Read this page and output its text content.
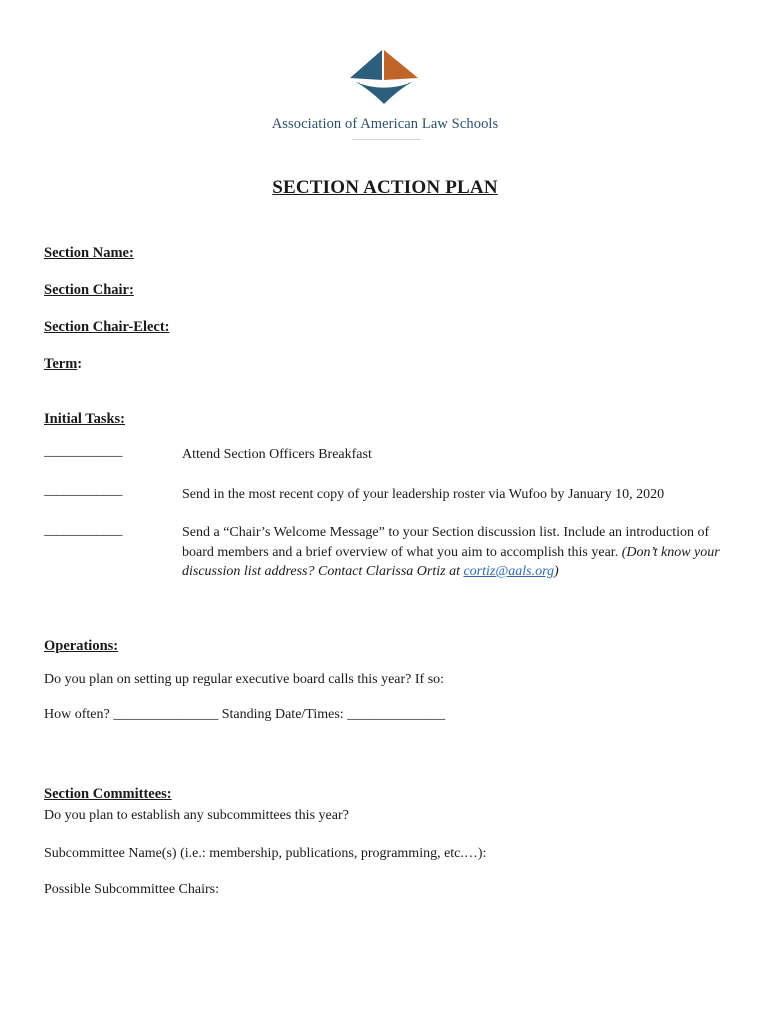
Association of American Law Schools
SECTION ACTION PLAN
Section Name:
Section Chair:
Section Chair-Elect:
Term:
Initial Tasks:
____________	Attend Section Officers Breakfast
____________	Send in the most recent copy of your leadership roster via Wufoo by January 10, 2020
____________	Send a “Chair’s Welcome Message” to your Section discussion list. Include an introduction of board members and a brief overview of what you aim to accomplish this year. (Don’t know your discussion list address? Contact Clarissa Ortiz at cortiz@aals.org)
Operations:
Do you plan on setting up regular executive board calls this year? If so:
How often? _______________ Standing Date/Times: ______________
Section Committees:
Do you plan to establish any subcommittees this year?
Subcommittee Name(s) (i.e.: membership, publications, programming, etc.…):
Possible Subcommittee Chairs:
